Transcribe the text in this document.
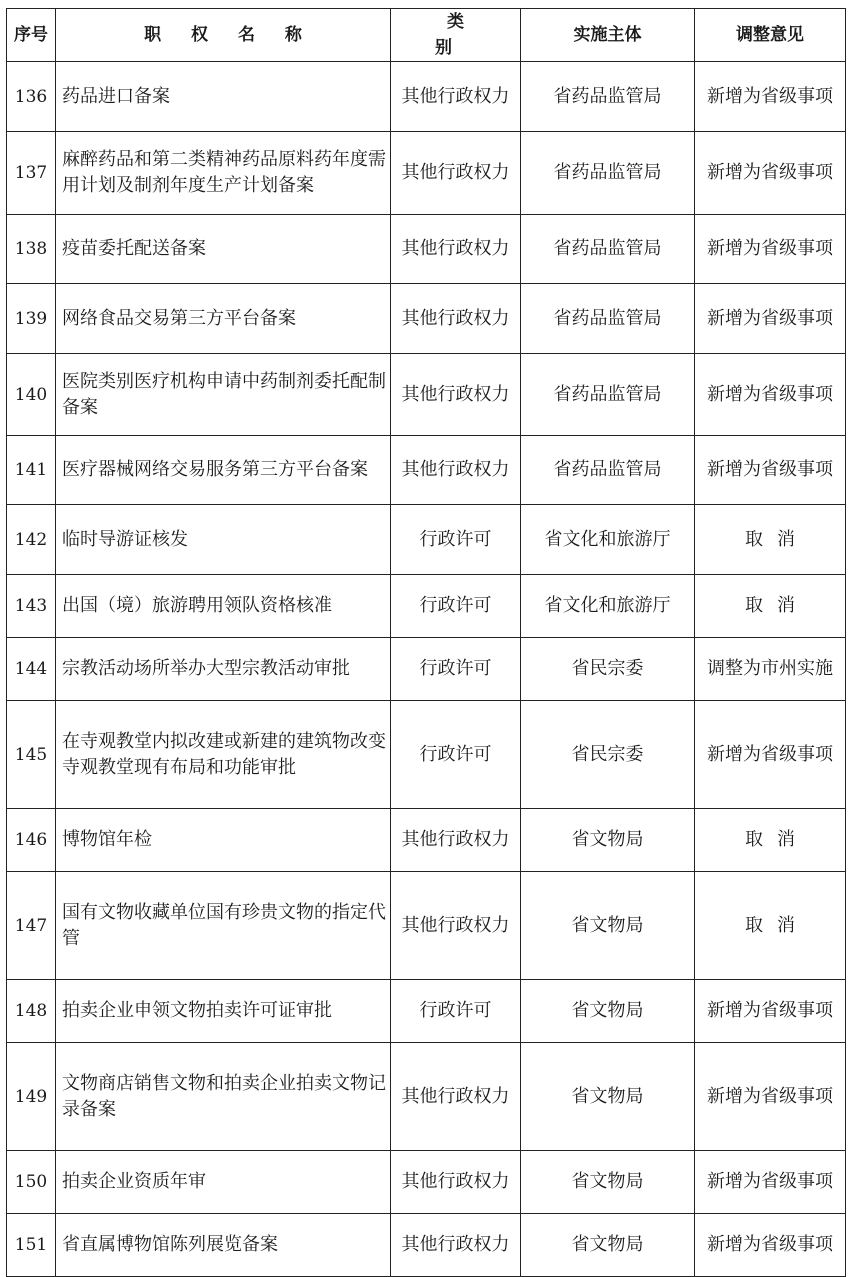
序号	职 权 名 称	类 别	实施主体	调整意见
136	药品进口备案	其他行政权力	省药品监管局	新增为省级事项
137	麻醉药品和第二类精神药品原料药年度需用计划及制剂年度生产计划备案	其他行政权力	省药品监管局	新增为省级事项
138	疫苗委托配送备案	其他行政权力	省药品监管局	新增为省级事项
139	网络食品交易第三方平台备案	其他行政权力	省药品监管局	新增为省级事项
140	医院类别医疗机构申请中药制剂委托配制备案	其他行政权力	省药品监管局	新增为省级事项
141	医疗器械网络交易服务第三方平台备案	其他行政权力	省药品监管局	新增为省级事项
142	临时导游证核发	行政许可	省文化和旅游厅	取消
143	出国（境）旅游聘用领队资格核准	行政许可	省文化和旅游厅	取消
144	宗教活动场所举办大型宗教活动审批	行政许可	省民宗委	调整为市州实施
145	在寺观教堂内拟改建或新建的建筑物改变寺观教堂现有布局和功能审批	行政许可	省民宗委	新增为省级事项
146	博物馆年检	其他行政权力	省文物局	取消
147	国有文物收藏单位国有珍贵文物的指定代管	其他行政权力	省文物局	取消
148	拍卖企业申领文物拍卖许可证审批	行政许可	省文物局	新增为省级事项
149	文物商店销售文物和拍卖企业拍卖文物记录备案	其他行政权力	省文物局	新增为省级事项
150	拍卖企业资质年审	其他行政权力	省文物局	新增为省级事项
151	省直属博物馆陈列展览备案	其他行政权力	省文物局	新增为省级事项
